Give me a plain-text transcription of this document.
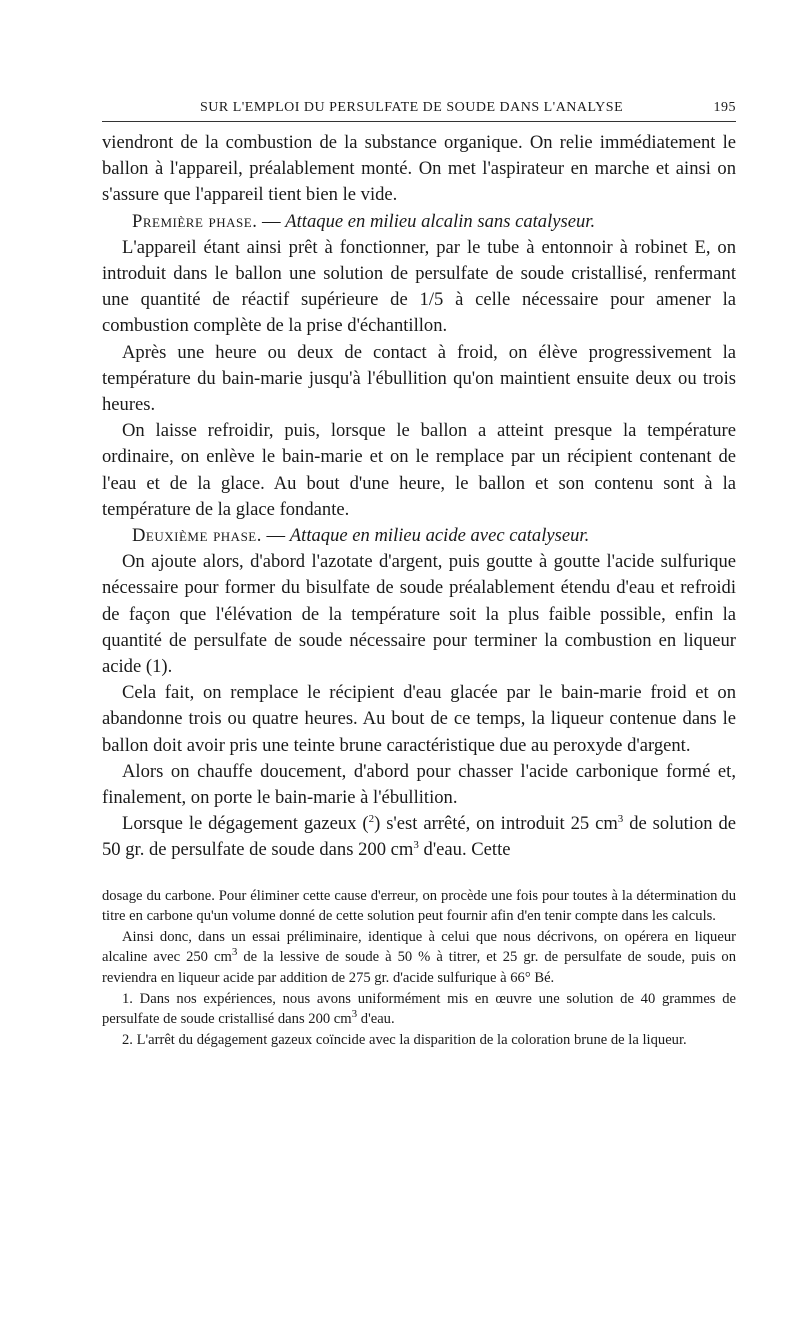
SUR L'EMPLOI DU PERSULFATE DE SOUDE DANS L'ANALYSE	195

viendront de la combustion de la substance organique. On relie immédiatement le ballon à l'appareil, préalablement monté. On met l'aspirateur en marche et ainsi on s'assure que l'appareil tient bien le vide.

Première phase. — Attaque en milieu alcalin sans catalyseur.

L'appareil étant ainsi prêt à fonctionner, par le tube à entonnoir à robinet E, on introduit dans le ballon une solution de persulfate de soude cristallisé, renfermant une quantité de réactif supérieure de 1/5 à celle nécessaire pour amener la combustion complète de la prise d'échantillon.

Après une heure ou deux de contact à froid, on élève progressivement la température du bain-marie jusqu'à l'ébullition qu'on maintient ensuite deux ou trois heures.

On laisse refroidir, puis, lorsque le ballon a atteint presque la température ordinaire, on enlève le bain-marie et on le remplace par un récipient contenant de l'eau et de la glace. Au bout d'une heure, le ballon et son contenu sont à la température de la glace fondante.

Deuxième phase. — Attaque en milieu acide avec catalyseur.

On ajoute alors, d'abord l'azotate d'argent, puis goutte à goutte l'acide sulfurique nécessaire pour former du bisulfate de soude préalablement étendu d'eau et refroidi de façon que l'élévation de la température soit la plus faible possible, enfin la quantité de persulfate de soude nécessaire pour terminer la combustion en liqueur acide (1).

Cela fait, on remplace le récipient d'eau glacée par le bain-marie froid et on abandonne trois ou quatre heures. Au bout de ce temps, la liqueur contenue dans le ballon doit avoir pris une teinte brune caractéristique due au peroxyde d'argent.

Alors on chauffe doucement, d'abord pour chasser l'acide carbonique formé et, finalement, on porte le bain-marie à l'ébullition.

Lorsque le dégagement gazeux ($^2$) s'est arrêté, on introduit 25 $cm^3$ de solution de 50 gr. de persulfate de soude dans 200 $cm^3$ d'eau. Cette

dosage du carbone. Pour éliminer cette cause d'erreur, on procède une fois pour toutes à la détermination du titre en carbone qu'un volume donné de cette solution peut fournir afin d'en tenir compte dans les calculs.

Ainsi donc, dans un essai préliminaire, identique à celui que nous décrivons, on opérera en liqueur alcaline avec 250 $cm^3$ de la lessive de soude à 50 % à titrer, et 25 gr. de persulfate de soude, puis on reviendra en liqueur acide par addition de 275 gr. d'acide sulfurique à 66° Bé.

1. Dans nos expériences, nous avons uniformément mis en œuvre une solution de 40 grammes de persulfate de soude cristallisé dans 200 $cm^3$ d'eau.

2. L'arrêt du dégagement gazeux coïncide avec la disparition de la coloration brune de la liqueur.
